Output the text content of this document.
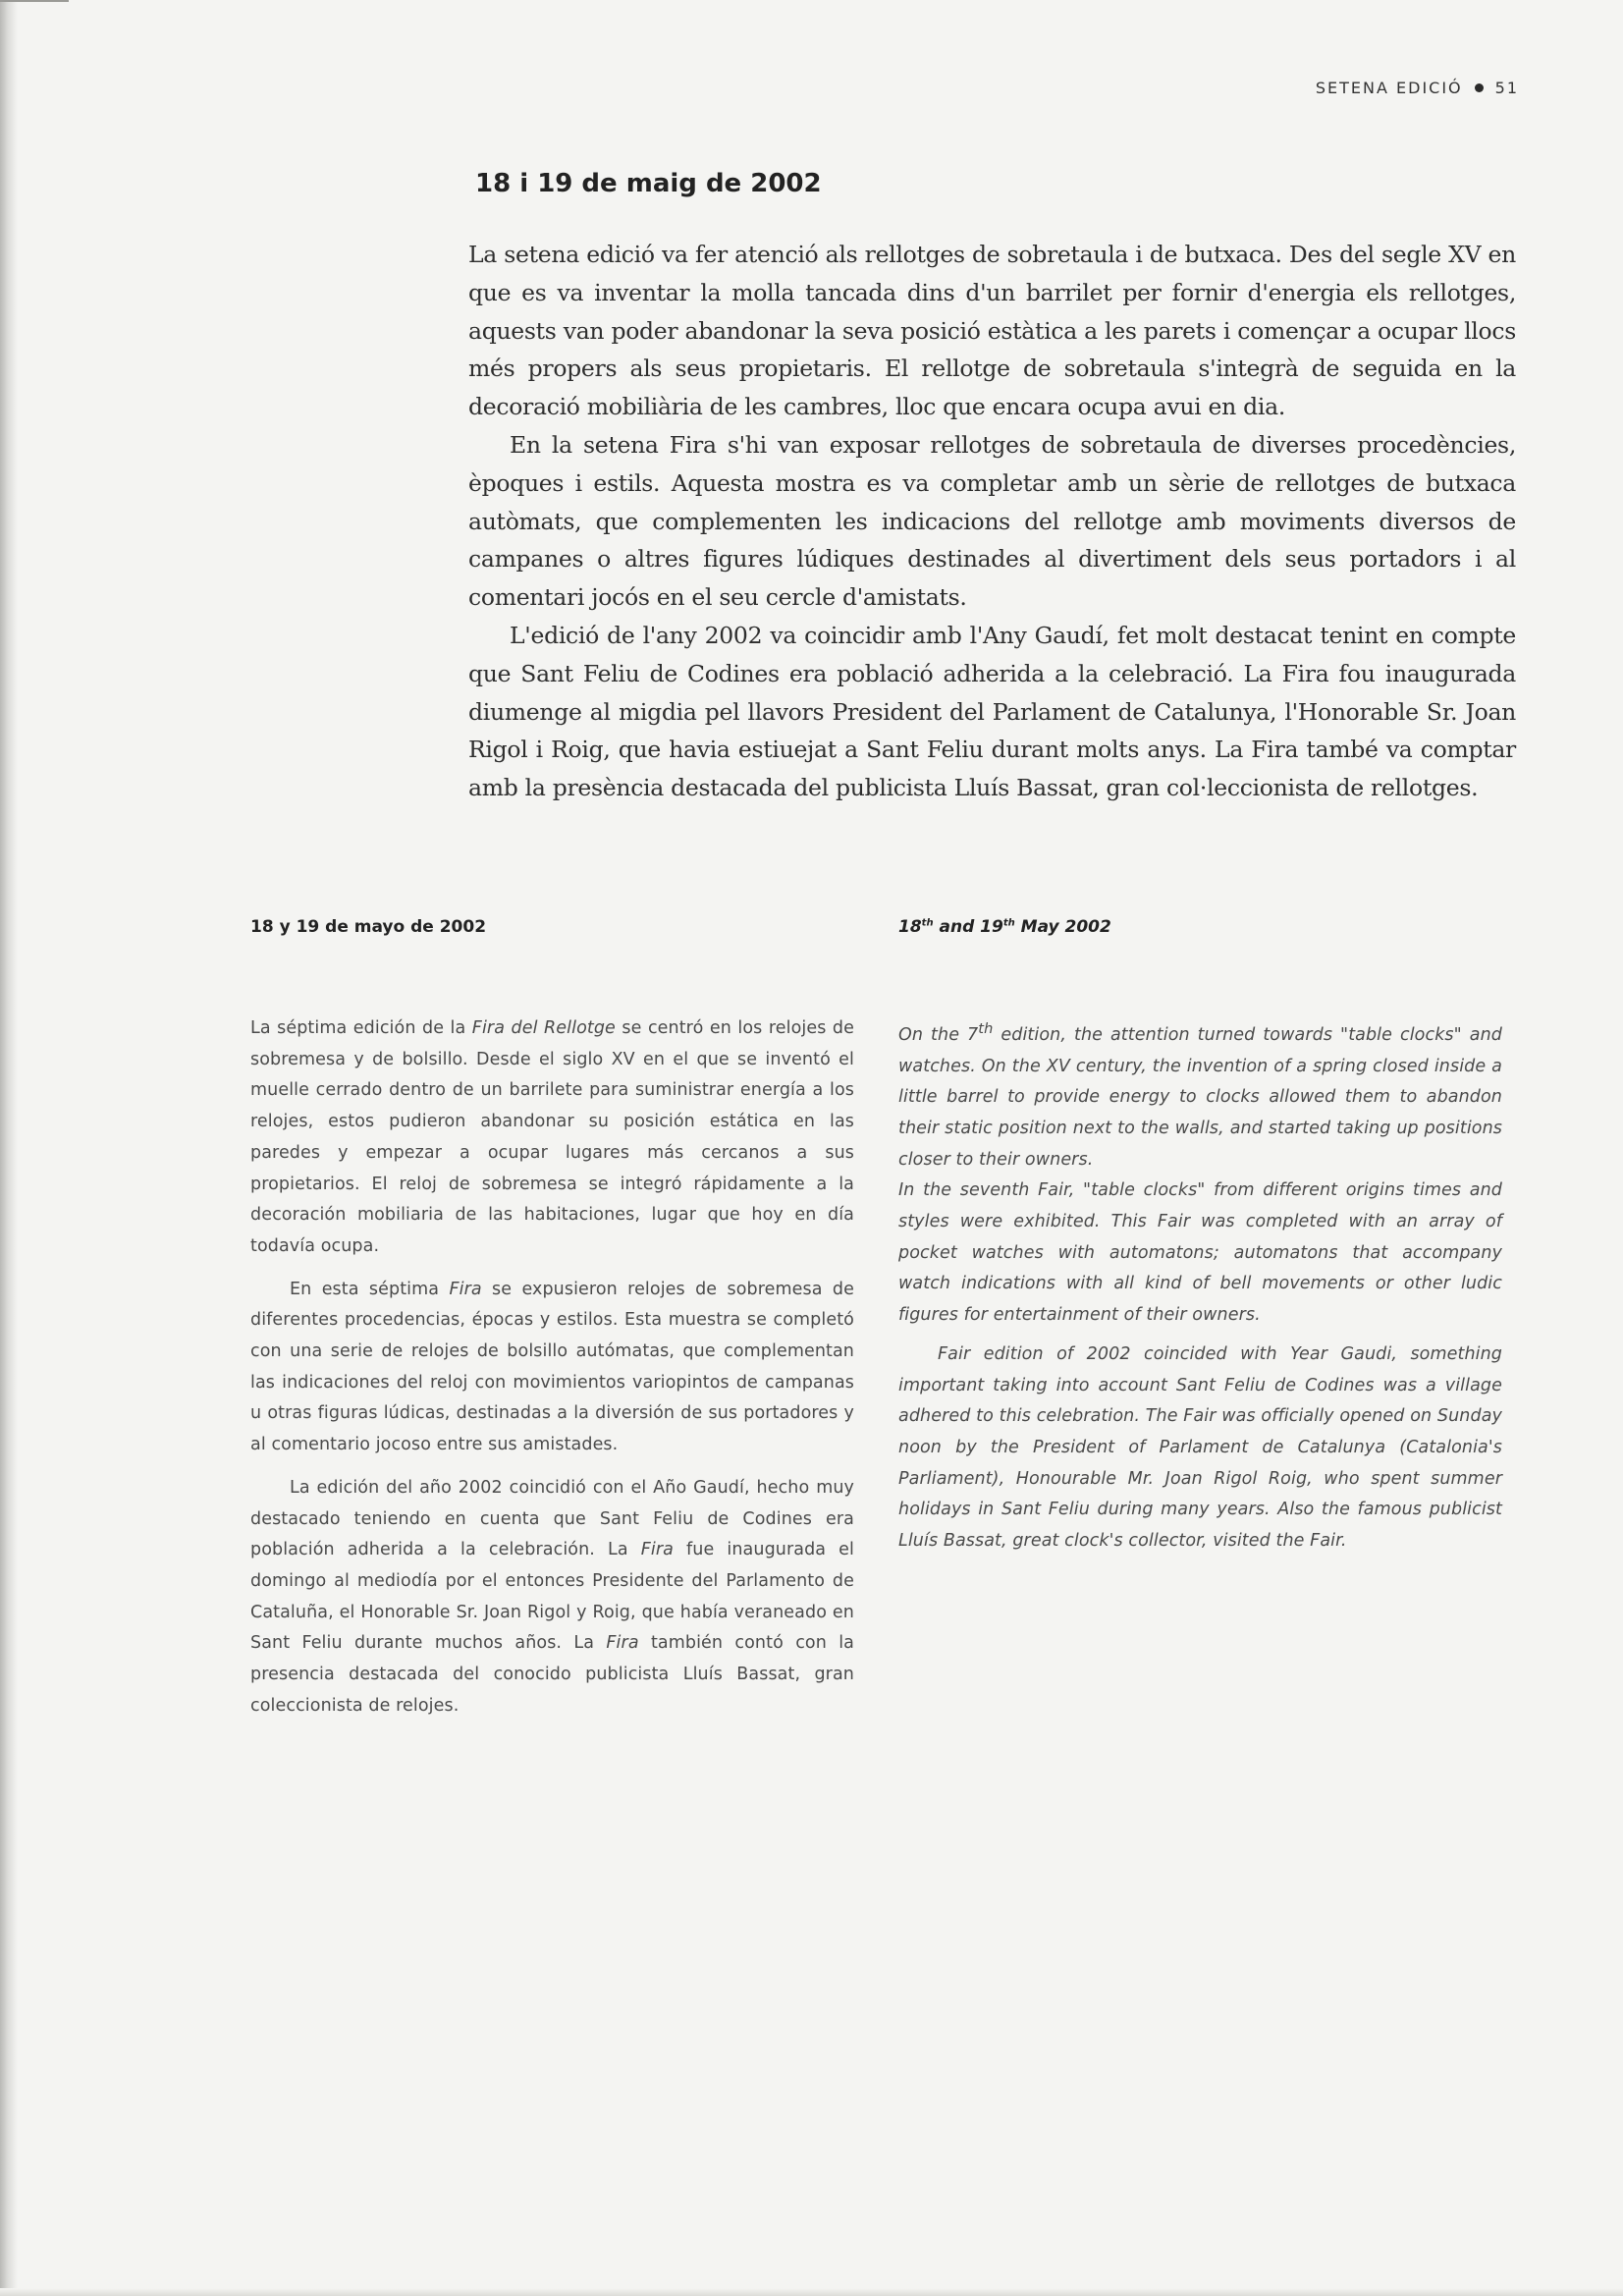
SETENA EDICIÓ 51
18 i 19 de maig de 2002

La setena edició va fer atenció als rellotges de sobretaula i de butxaca. Des del segle XV en que es va inventar la molla tancada dins d'un barrilet per fornir d'energia els rellotges, aquests van poder abandonar la seva posició estàtica a les parets i començar a ocupar llocs més propers als seus propietaris. El rellotge de sobretaula s'integrà de seguida en la decoració mobiliària de les cambres, lloc que encara ocupa avui en dia.

En la setena Fira s'hi van exposar rellotges de sobretaula de diverses procedències, èpoques i estils. Aquesta mostra es va completar amb un sèrie de rellotges de butxaca autòmats, que complementen les indicacions del rellotge amb moviments diversos de campanes o altres figures lúdiques destinades al divertiment dels seus portadors i al comentari jocós en el seu cercle d'amistats.

L'edició de l'any 2002 va coincidir amb l'Any Gaudí, fet molt destacat tenint en compte que Sant Feliu de Codines era població adherida a la celebració. La Fira fou inaugurada diumenge al migdia pel llavors President del Parlament de Catalunya, l'Honorable Sr. Joan Rigol i Roig, que havia estiuejat a Sant Feliu durant molts anys. La Fira també va comptar amb la presència destacada del publicista Lluís Bassat, gran col·leccionista de rellotges.

18 y 19 de mayo de 2002

La séptima edición de la Fira del Rellotge se centró en los relojes de sobremesa y de bolsillo. Desde el siglo XV en el que se inventó el muelle cerrado dentro de un barrilete para suministrar energía a los relojes, estos pudieron abandonar su posición estática en las paredes y empezar a ocupar lugares más cercanos a sus propietarios. El reloj de sobremesa se integró rápidamente a la decoración mobiliaria de las habitaciones, lugar que hoy en día todavía ocupa.

En esta séptima Fira se expusieron relojes de sobremesa de diferentes procedencias, épocas y estilos. Esta muestra se completó con una serie de relojes de bolsillo autómatas, que complementan las indicaciones del reloj con movimientos variopintos de campanas u otras figuras lúdicas, destinadas a la diversión de sus portadores y al comentario jocoso entre sus amistades.

La edición del año 2002 coincidió con el Año Gaudí, hecho muy destacado teniendo en cuenta que Sant Feliu de Codines era población adherida a la celebración. La Fira fue inaugurada el domingo al mediodía por el entonces Presidente del Parlamento de Cataluña, el Honorable Sr. Joan Rigol y Roig, que había veraneado en Sant Feliu durante muchos años. La Fira también contó con la presencia destacada del conocido publicista Lluís Bassat, gran coleccionista de relojes.

18th and 19th May 2002

On the 7th edition, the attention turned towards "table clocks" and watches. On the XV century, the invention of a spring closed inside a little barrel to provide energy to clocks allowed them to abandon their static position next to the walls, and started taking up positions closer to their owners.

In the seventh Fair, "table clocks" from different origins times and styles were exhibited. This Fair was completed with an array of pocket watches with automatons; automatons that accompany watch indications with all kind of bell movements or other ludic figures for entertainment of their owners.

Fair edition of 2002 coincided with Year Gaudi, something important taking into account Sant Feliu de Codines was a village adhered to this celebration. The Fair was officially opened on Sunday noon by the President of Parlament de Catalunya (Catalonia's Parliament), Honourable Mr. Joan Rigol Roig, who spent summer holidays in Sant Feliu during many years. Also the famous publicist Lluís Bassat, great clock's collector, visited the Fair.
